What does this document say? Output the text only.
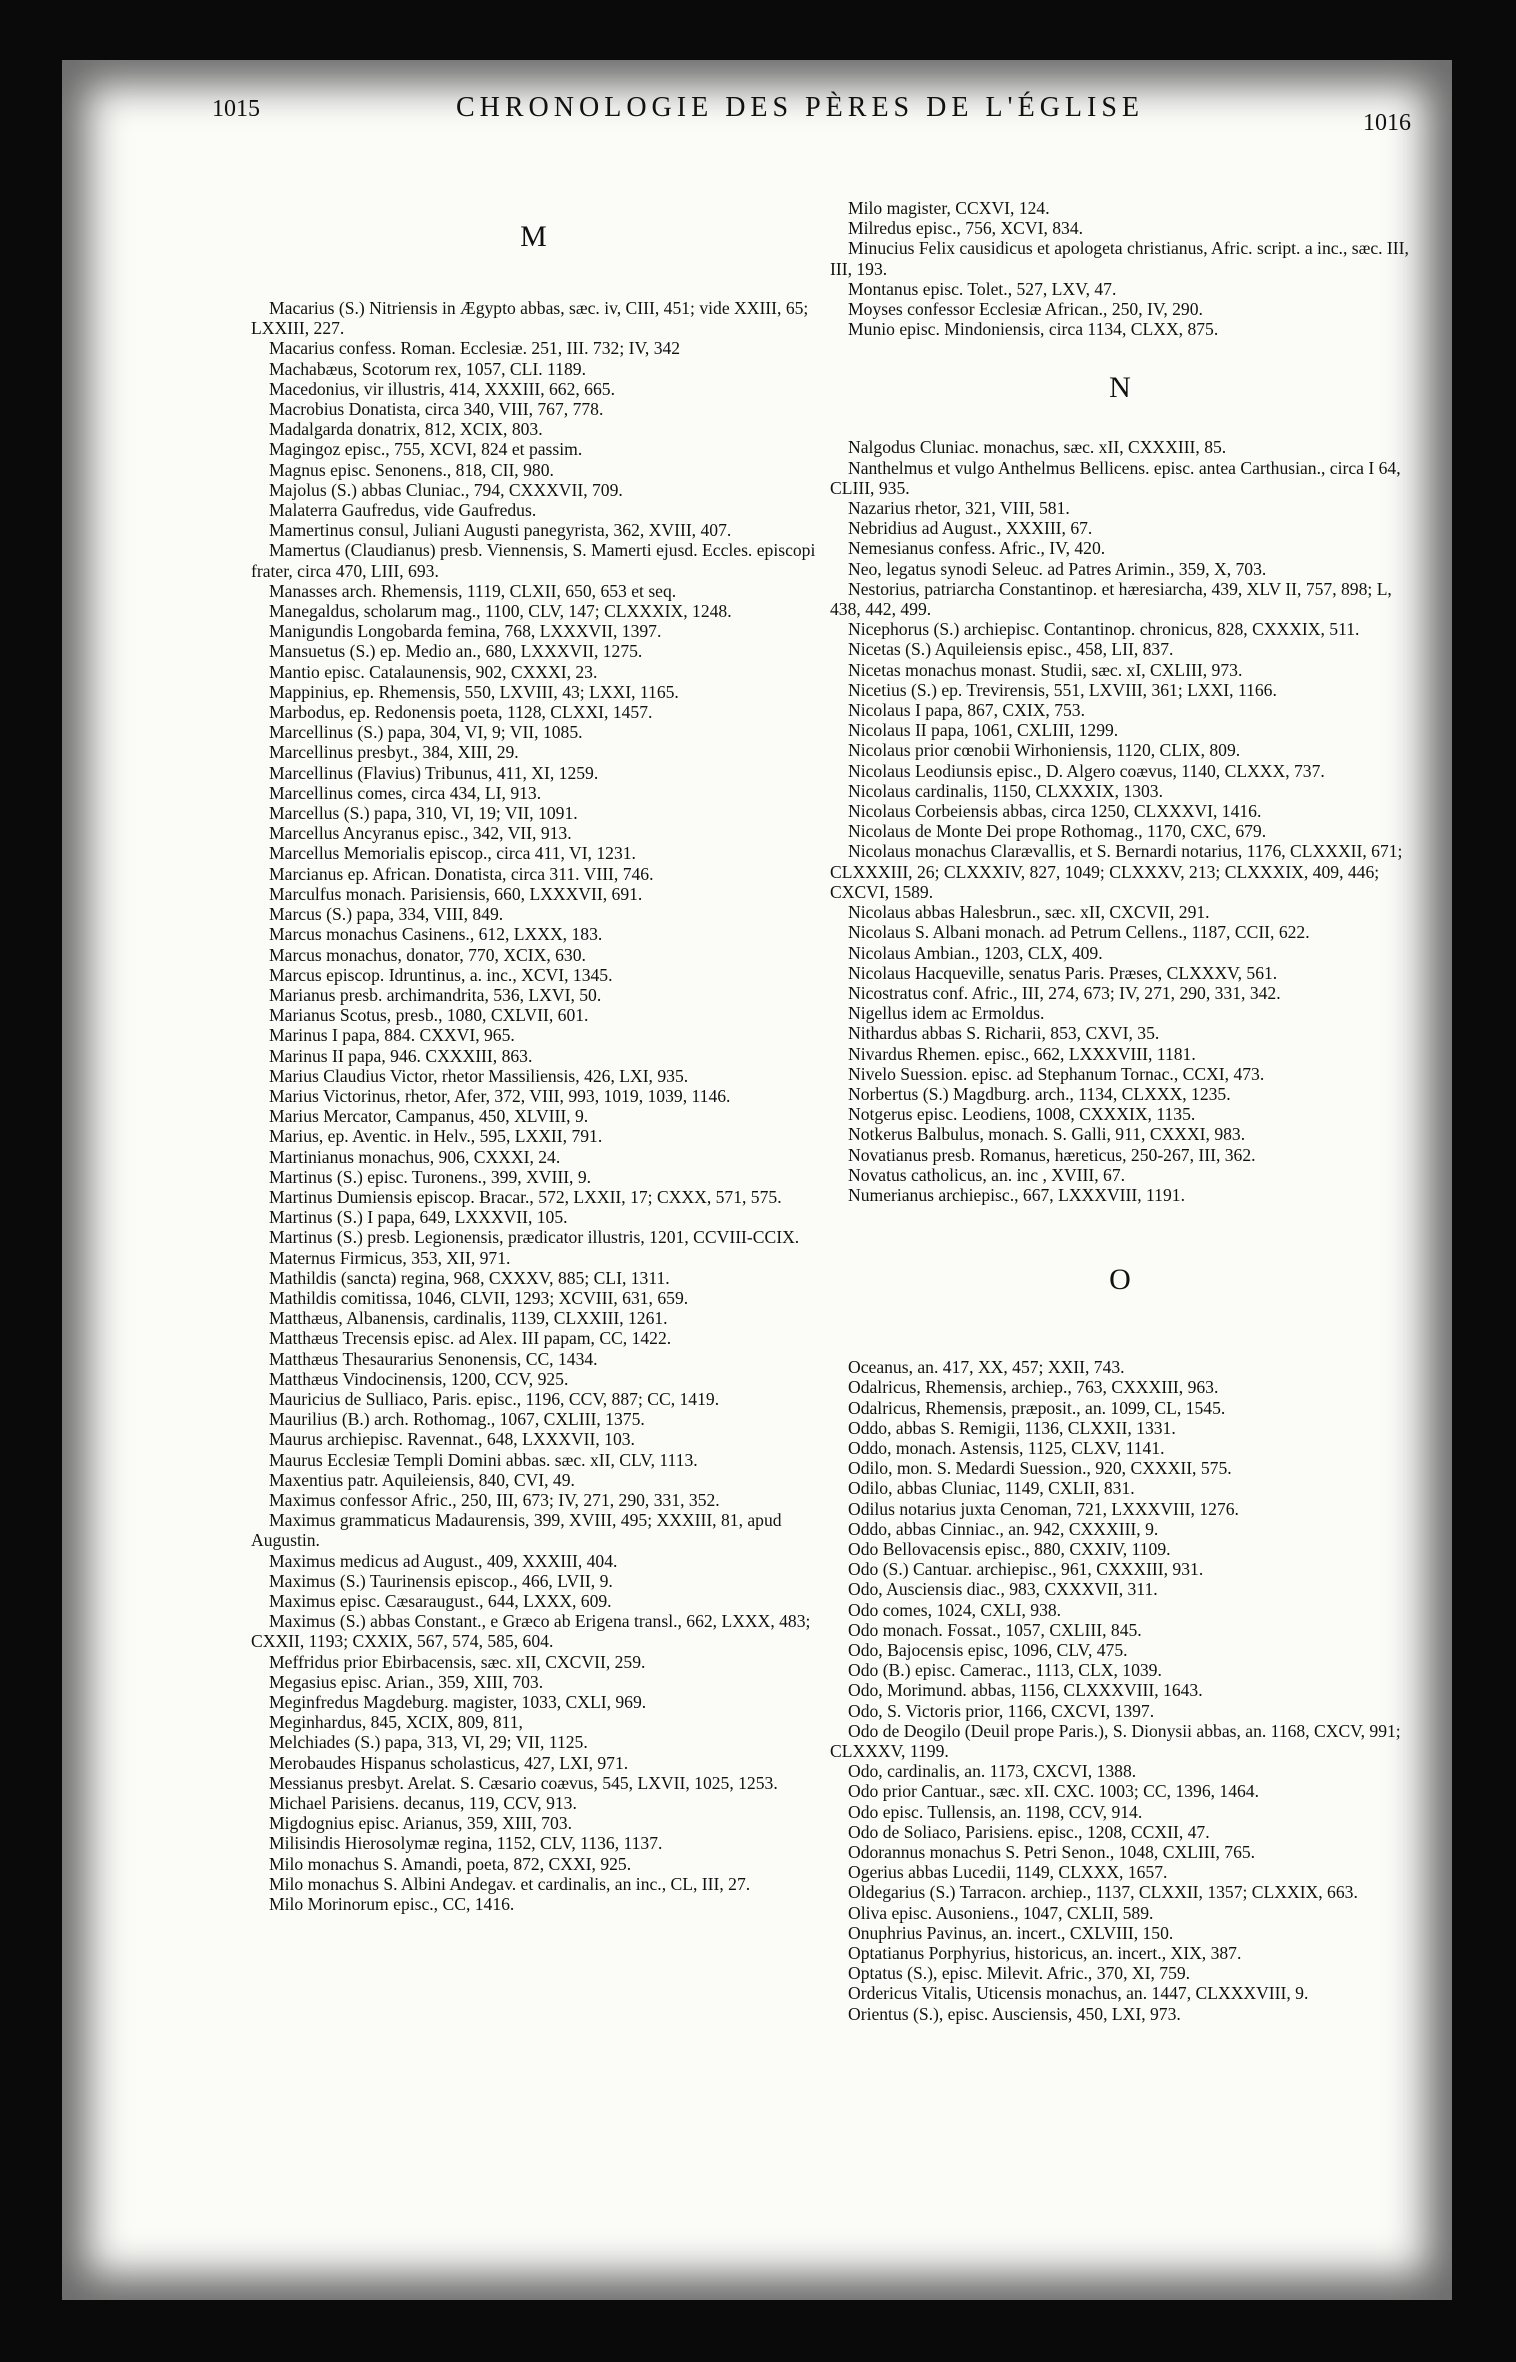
1015	CHRONOLOGIE DES PÈRES DE L'ÉGLISE	1016
M

Macarius (S.) Nitriensis in Ægypto abbas, sæc. iv, CIII, 451; vide XXIII, 65; LXXIII, 227.

Macarius confess. Roman. Ecclesiæ. 251, III. 732; IV, 342

Machabæus, Scotorum rex, 1057, CLI. 1189.

Macedonius, vir illustris, 414, XXXIII, 662, 665.

Macrobius Donatista, circa 340, VIII, 767, 778.

Madalgarda donatrix, 812, XCIX, 803.

Magingoz episc., 755, XCVI, 824 et passim.

Magnus episc. Senonens., 818, CII, 980.

Majolus (S.) abbas Cluniac., 794, CXXXVII, 709.

Malaterra Gaufredus, vide Gaufredus.

Mamertinus consul, Juliani Augusti panegyrista, 362, XVIII, 407.

Mamertus (Claudianus) presb. Viennensis, S. Mamerti ejusd. Eccles. episcopi frater, circa 470, LIII, 693.

Manasses arch. Rhemensis, 1119, CLXII, 650, 653 et seq.

Manegaldus, scholarum mag., 1100, CLV, 147; CLXXXIX, 1248.

Manigundis Longobarda femina, 768, LXXXVII, 1397.

Mansuetus (S.) ep. Medio an., 680, LXXXVII, 1275.

Mantio episc. Catalaunensis, 902, CXXXI, 23.

Mappinius, ep. Rhemensis, 550, LXVIII, 43; LXXI, 1165.

Marbodus, ep. Redonensis poeta, 1128, CLXXI, 1457.

Marcellinus (S.) papa, 304, VI, 9; VII, 1085.

Marcellinus presbyt., 384, XIII, 29.

Marcellinus (Flavius) Tribunus, 411, XI, 1259.

Marcellinus comes, circa 434, LI, 913.

Marcellus (S.) papa, 310, VI, 19; VII, 1091.

Marcellus Ancyranus episc., 342, VII, 913.

Marcellus Memorialis episcop., circa 411, VI, 1231.

Marcianus ep. African. Donatista, circa 311. VIII, 746.

Marculfus monach. Parisiensis, 660, LXXXVII, 691.

Marcus (S.) papa, 334, VIII, 849.

Marcus monachus Casinens., 612, LXXX, 183.

Marcus monachus, donator, 770, XCIX, 630.

Marcus episcop. Idruntinus, a. inc., XCVI, 1345.

Marianus presb. archimandrita, 536, LXVI, 50.

Marianus Scotus, presb., 1080, CXLVII, 601.

Marinus I papa, 884. CXXVI, 965.

Marinus II papa, 946. CXXXIII, 863.

Marius Claudius Victor, rhetor Massiliensis, 426, LXI, 935.

Marius Victorinus, rhetor, Afer, 372, VIII, 993, 1019, 1039, 1146.

Marius Mercator, Campanus, 450, XLVIII, 9.

Marius, ep. Aventic. in Helv., 595, LXXII, 791.

Martinianus monachus, 906, CXXXI, 24.

Martinus (S.) episc. Turonens., 399, XVIII, 9.

Martinus Dumiensis episcop. Bracar., 572, LXXII, 17; CXXX, 571, 575.

Martinus (S.) I papa, 649, LXXXVII, 105.

Martinus (S.) presb. Legionensis, prædicator illustris, 1201, CCVIII-CCIX.

Maternus Firmicus, 353, XII, 971.

Mathildis (sancta) regina, 968, CXXXV, 885; CLI, 1311.

Mathildis comitissa, 1046, CLVII, 1293; XCVIII, 631, 659.

Matthæus, Albanensis, cardinalis, 1139, CLXXIII, 1261.

Matthæus Trecensis episc. ad Alex. III papam, CC, 1422.

Matthæus Thesaurarius Senonensis, CC, 1434.

Matthæus Vindocinensis, 1200, CCV, 925.

Mauricius de Sulliaco, Paris. episc., 1196, CCV, 887; CC, 1419.

Maurilius (B.) arch. Rothomag., 1067, CXLIII, 1375.

Maurus archiepisc. Ravennat., 648, LXXXVII, 103.

Maurus Ecclesiæ Templi Domini abbas. sæc. xII, CLV, 1113.

Maxentius patr. Aquileiensis, 840, CVI, 49.

Maximus confessor Afric., 250, III, 673; IV, 271, 290, 331, 352.

Maximus grammaticus Madaurensis, 399, XVIII, 495; XXXIII, 81, apud Augustin.

Maximus medicus ad August., 409, XXXIII, 404.

Maximus (S.) Taurinensis episcop., 466, LVII, 9.

Maximus episc. Cæsaraugust., 644, LXXX, 609.

Maximus (S.) abbas Constant., e Græco ab Erigena transl., 662, LXXX, 483; CXXII, 1193; CXXIX, 567, 574, 585, 604.

Meffridus prior Ebirbacensis, sæc. xII, CXCVII, 259.

Megasius episc. Arian., 359, XIII, 703.

Meginfredus Magdeburg. magister, 1033, CXLI, 969.

Meginhardus, 845, XCIX, 809, 811,

Melchiades (S.) papa, 313, VI, 29; VII, 1125.

Merobaudes Hispanus scholasticus, 427, LXI, 971.

Messianus presbyt. Arelat. S. Cæsario coævus, 545, LXVII, 1025, 1253.

Michael Parisiens. decanus, 119, CCV, 913.

Migdognius episc. Arianus, 359, XIII, 703.

Milisindis Hierosolymæ regina, 1152, CLV, 1136, 1137.

Milo monachus S. Amandi, poeta, 872, CXXI, 925.

Milo monachus S. Albini Andegav. et cardinalis, an inc., CL, III, 27.

Milo Morinorum episc., CC, 1416.

Milo magister, CCXVI, 124.

Milredus episc., 756, XCVI, 834.

Minucius Felix causidicus et apologeta christianus, Afric. script. a inc., sæc. III, III, 193.

Montanus episc. Tolet., 527, LXV, 47.

Moyses confessor Ecclesiæ African., 250, IV, 290.

Munio episc. Mindoniensis, circa 1134, CLXX, 875.

N

Nalgodus Cluniac. monachus, sæc. xII, CXXXIII, 85.

Nanthelmus et vulgo Anthelmus Bellicens. episc. antea Carthusian., circa I 64, CLIII, 935.

Nazarius rhetor, 321, VIII, 581.

Nebridius ad August., XXXIII, 67.

Nemesianus confess. Afric., IV, 420.

Neo, legatus synodi Seleuc. ad Patres Arimin., 359, X, 703.

Nestorius, patriarcha Constantinop. et hæresiarcha, 439, XLV II, 757, 898; L, 438, 442, 499.

Nicephorus (S.) archiepisc. Contantinop. chronicus, 828, CXXXIX, 511.

Nicetas (S.) Aquileiensis episc., 458, LII, 837.

Nicetas monachus monast. Studii, sæc. xI, CXLIII, 973.

Nicetius (S.) ep. Trevirensis, 551, LXVIII, 361; LXXI, 1166.

Nicolaus I papa, 867, CXIX, 753.

Nicolaus II papa, 1061, CXLIII, 1299.

Nicolaus prior cœnobii Wirhoniensis, 1120, CLIX, 809.

Nicolaus Leodiunsis episc., D. Algero coævus, 1140, CLXXX, 737.

Nicolaus cardinalis, 1150, CLXXXIX, 1303.

Nicolaus Corbeiensis abbas, circa 1250, CLXXXVI, 1416.

Nicolaus de Monte Dei prope Rothomag., 1170, CXC, 679.

Nicolaus monachus Clarævallis, et S. Bernardi notarius, 1176, CLXXXII, 671; CLXXXIII, 26; CLXXXIV, 827, 1049; CLXXXV, 213; CLXXXIX, 409, 446; CXCVI, 1589.

Nicolaus abbas Halesbrun., sæc. xII, CXCVII, 291.

Nicolaus S. Albani monach. ad Petrum Cellens., 1187, CCII, 622.

Nicolaus Ambian., 1203, CLX, 409.

Nicolaus Hacqueville, senatus Paris. Præses, CLXXXV, 561.

Nicostratus conf. Afric., III, 274, 673; IV, 271, 290, 331, 342.

Nigellus idem ac Ermoldus.

Nithardus abbas S. Richarii, 853, CXVI, 35.

Nivardus Rhemen. episc., 662, LXXXVIII, 1181.

Nivelo Suession. episc. ad Stephanum Tornac., CCXI, 473.

Norbertus (S.) Magdburg. arch., 1134, CLXXX, 1235.

Notgerus episc. Leodiens, 1008, CXXXIX, 1135.

Notkerus Balbulus, monach. S. Galli, 911, CXXXI, 983.

Novatianus presb. Romanus, hæreticus, 250-267, III, 362.

Novatus catholicus, an. inc , XVIII, 67.

Numerianus archiepisc., 667, LXXXVIII, 1191.

O

Oceanus, an. 417, XX, 457; XXII, 743.

Odalricus, Rhemensis, archiep., 763, CXXXIII, 963.

Odalricus, Rhemensis, præposit., an. 1099, CL, 1545.

Oddo, abbas S. Remigii, 1136, CLXXII, 1331.

Oddo, monach. Astensis, 1125, CLXV, 1141.

Odilo, mon. S. Medardi Suession., 920, CXXXII, 575.

Odilo, abbas Cluniac, 1149, CXLII, 831.

Odilus notarius juxta Cenoman, 721, LXXXVIII, 1276.

Oddo, abbas Cinniac., an. 942, CXXXIII, 9.

Odo Bellovacensis episc., 880, CXXIV, 1109.

Odo (S.) Cantuar. archiepisc., 961, CXXXIII, 931.

Odo, Ausciensis diac., 983, CXXXVII, 311.

Odo comes, 1024, CXLI, 938.

Odo monach. Fossat., 1057, CXLIII, 845.

Odo, Bajocensis episc, 1096, CLV, 475.

Odo (B.) episc. Camerac., 1113, CLX, 1039.

Odo, Morimund. abbas, 1156, CLXXXVIII, 1643.

Odo, S. Victoris prior, 1166, CXCVI, 1397.

Odo de Deogilo (Deuil prope Paris.), S. Dionysii abbas, an. 1168, CXCV, 991; CLXXXV, 1199.

Odo, cardinalis, an. 1173, CXCVI, 1388.

Odo prior Cantuar., sæc. xII. CXC. 1003; CC, 1396, 1464.

Odo episc. Tullensis, an. 1198, CCV, 914.

Odo de Soliaco, Parisiens. episc., 1208, CCXII, 47.

Odorannus monachus S. Petri Senon., 1048, CXLIII, 765.

Ogerius abbas Lucedii, 1149, CLXXX, 1657.

Oldegarius (S.) Tarracon. archiep., 1137, CLXXII, 1357; CLXXIX, 663.

Oliva episc. Ausoniens., 1047, CXLII, 589.

Onuphrius Pavinus, an. incert., CXLVIII, 150.

Optatianus Porphyrius, historicus, an. incert., XIX, 387.

Optatus (S.), episc. Milevit. Afric., 370, XI, 759.

Ordericus Vitalis, Uticensis monachus, an. 1447, CLXXXVIII, 9.

Orientus (S.), episc. Ausciensis, 450, LXI, 973.
